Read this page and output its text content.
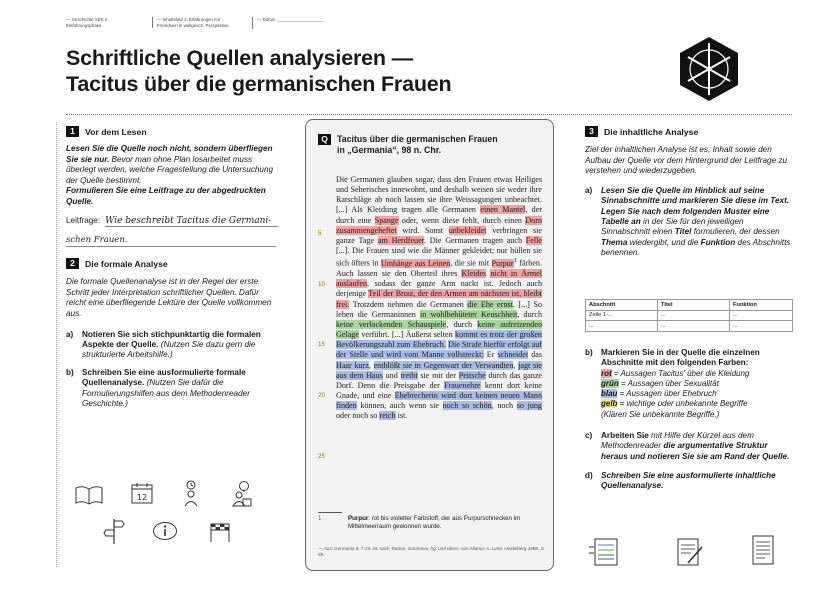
— Geschichte SEK II
Einführungsphase
— Inhaltsfeld 1: Erfahrungen mit
Fremdsein in weltgesch. Perspektive
— Datum ___________________
Schriftliche Quellen analysieren —
Tacitus über die germanischen Frauen
1	Vor dem Lesen

Lesen Sie die Quelle noch nicht, sondern überfliegen Sie sie nur. Bevor man ohne Plan losarbeitet muss überlegt werden, welche Fragestellung die Untersuchung der Quelle bestimmt.
Formulieren Sie eine Leitfrage zu der abgedruckten Quelle.

Leitfrage: Wie beschreibt Tacitus die Germani-
schen Frauen.
2	Die formale Analyse

Die formale Quellenanalyse ist in der Regel der erste Schritt jeder Interpretation schriftlicher Quellen. Dafür reicht eine überfliegende Lektüre der Quelle vollkommen aus.

a)	Notieren Sie sich stichpunktartig die formalen Aspekte der Quelle. (Nutzen Sie dazu gern die strukturierte Arbeitshilfe.)
b)	Schreiben Sie eine ausformulierte formale Quellenanalyse. (Nutzen Sie dafür die Formulierungshilfen aus dem Methodenreader Geschichte.)
12
Q	Tacitus über die germanischen Frauen
in „Germania“, 98 n. Chr.
5
10
15
20
25
Die Germanen glauben sogar, dass den Frauen etwas Heiliges und Seherisches innewohnt, und deshalb weisen sie weder ihre Ratschläge ab noch lassen sie ihre Weissagungen unbeachtet. [...] Als Kleidung tragen alle Germanen einen Mantel, der durch eine Spange oder, wenn diese fehlt, durch einen Dorn zusammengeheftet wird. Sonst unbekleidet verbringen sie ganze Tage am Herdfeuer. Die Germanen tragen auch Felle [...]. Die Frauen sind wie die Männer gekleidet; nur hüllen sie sich öfters in Umhänge aus Leinen, die sie mit Purpur$^1$ färben. Auch lassen sie den Oberteil ihres Kleides nicht in Ärmel auslaufen, sodass der ganze Arm nackt ist. Jedoch auch derjenige Teil der Brust, der den Armen am nächsten ist, bleibt frei. Trotzdem nehmen die Germanen die Ehe ernst. [...] So leben die Germaninnen in wohlbehüteter Keuschheit, durch keine verlockenden Schauspiele, durch keine aufreizenden Gelage verführt. [...] Äußerst selten kommt es trotz der großen Bevölkerungszahl zum Ehebruch. Die Strafe hierfür erfolgt auf der Stelle und wird vom Manne vollstreckt: Er schneidet das Haar kurz, entblößt sie in Gegenwart der Verwandten, jagt sie aus dem Haus und treibt sie mit der Peitsche durch das ganze Dorf. Denn die Preisgabe der Frauenehre kennt dort keine Gnade, und eine Ehebrecherin wird dort keinen neuen Mann finden können, auch wenn sie noch so schön, noch so jung oder noch so reich ist.
1	Purpur: rot bis violetter Farbstoff, der aus Purpurschnecken im Mittelmeerraum gewonnen wurde.
— Aus: Germania 8, 7-19, zit. nach Tacitus, Germania, hg. und übers. von Allanus A. Lund, Heidelberg 1988, S. 85.
3	Die inhaltliche Analyse

Ziel der inhaltlichen Analyse ist es, Inhalt sowie den Aufbau der Quelle vor dem Hintergrund der Leitfrage zu verstehen und wiederzugeben.

a)	Lesen Sie die Quelle im Hinblick auf seine Sinnabschnitte und markieren Sie diese im Text. Legen Sie nach dem folgenden Muster eine Tabelle an in der Sie für den jeweiligen Sinnabschnitt einen Titel formulieren, der dessen Thema wiedergibt, und die Funktion des Abschnitts benennen.
Abschnitt	Titel	Funktion
Zeile 1-...	...	...
...	...	...
b)	Markieren Sie in der Quelle die einzelnen Abschnitte mit den folgenden Farben:
rot = Aussagen Tacitus' über die Kleidung
grün = Aussagen über Sexualität
blau = Aussagen über Ehebruch
gelb = wichtige oder unbekannte Begriffe
(Klären Sie unbekannte Begriffe.)
c)	Arbeiten Sie mit Hilfe der Kürzel aus dem Methodenreader die argumentative Struktur heraus und notieren Sie sie am Rand der Quelle.
d)	Schreiben Sie eine ausformulierte inhaltliche Quellenanalyse.
